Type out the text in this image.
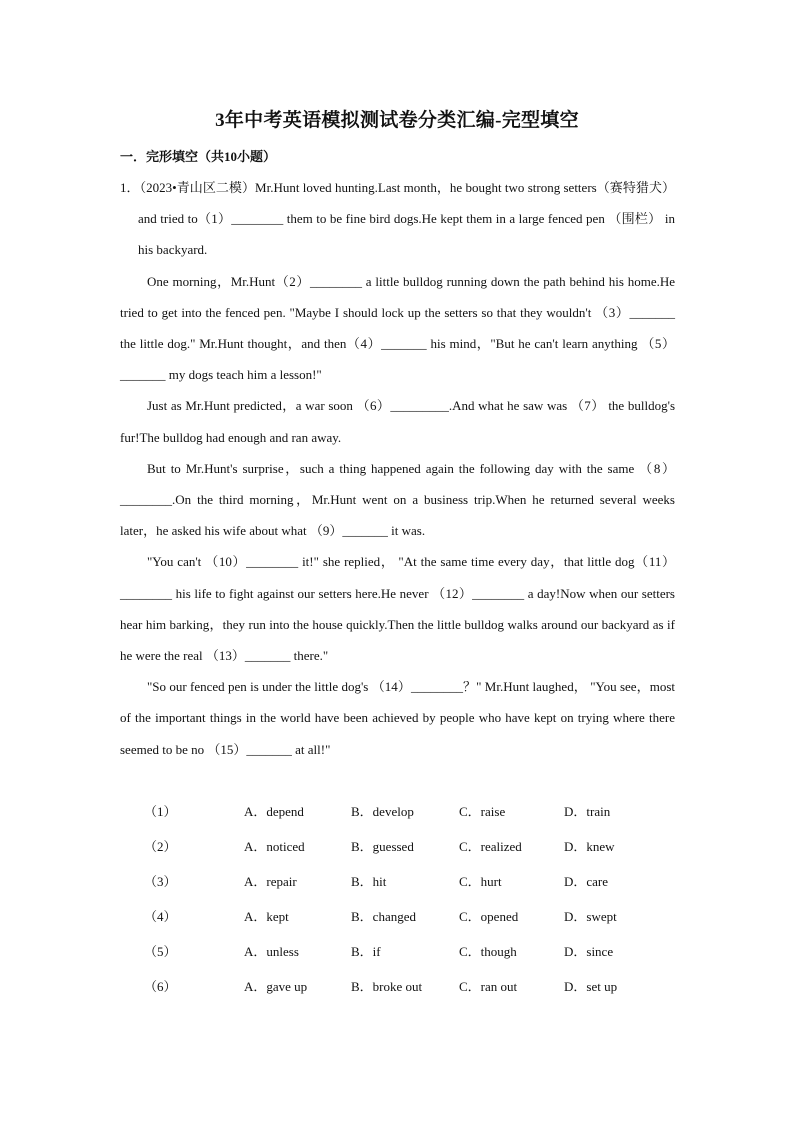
3年中考英语模拟测试卷分类汇编-完型填空
一．完形填空（共10小题）

1．（2023•青山区二模）Mr.Hunt loved hunting.Last month，he bought two strong setters（赛特猎犬）and tried to（1）________ them to be fine bird dogs.He kept them in a large fenced pen （围栏） in his backyard.

One morning，Mr.Hunt（2）________ a little bulldog running down the path behind his home.He tried to get into the fenced pen. "Maybe I should lock up the setters so that they wouldn't （3）_______ the little dog." Mr.Hunt thought，and then（4）_______ his mind，"But he can't learn anything （5）_______ my dogs teach him a lesson!"

Just as Mr.Hunt predicted，a war soon （6）_________.And what he saw was （7） the bulldog's fur!The bulldog had enough and ran away.

But to Mr.Hunt's surprise，such a thing happened again the following day with the same （8）________.On the third morning，Mr.Hunt went on a business trip.When he returned several weeks later，he asked his wife about what （9）_______ it was.

"You can't （10）________ it!" she replied， "At the same time every day，that little dog（11）________ his life to fight against our setters here.He never （12）________ a day!Now when our setters hear him barking，they run into the house quickly.Then the little bulldog walks around our backyard as if he were the real （13）_______ there."

"So our fenced pen is under the little dog's （14）________？" Mr.Hunt laughed， "You see，most of the important things in the world have been achieved by people who have kept on trying where there seemed to be no （15）_______ at all!"

（1）	A．depend	B．develop	C．raise	D．train
（2）	A．noticed	B．guessed	C．realized	D．knew
（3）	A．repair	B．hit	C．hurt	D．care
（4）	A．kept	B．changed	C．opened	D．swept
（5）	A．unless	B．if	C．though	D．since
（6）	A．gave up	B．broke out	C．ran out	D．set up
